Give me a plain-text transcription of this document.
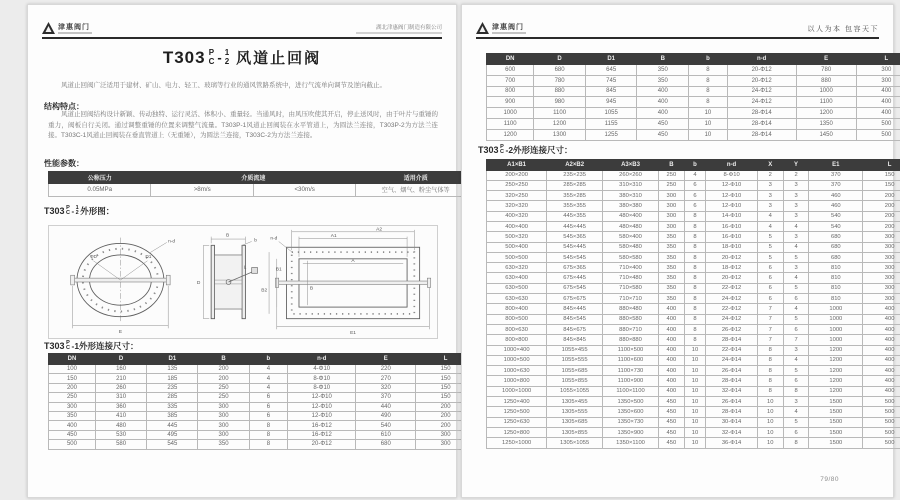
津惠阀门	湖北津惠阀门制造有限公司
T303 P
C - 1
2 风道止回阀
风道止回阀广泛适用于建材、矿山、电力、轻工、玻璃等行业的通风管路系统中，进行气流单向调节及逆向截止。
结构特点：
风道止回阀结构设计新颖、传动独特、运行灵活、体积小、重量轻。当通风时，由风压吹使其开启，停止送风时，由于叶片与重锤的重力，阀板自行关闭。通过调整重锤的位置来调整气流量。T303P-1风道止回阀装在水平管道上，为圆法兰连接，T303P-2为方法兰连接。T303C-1风道止回阀装在垂直管道上（无重锤），为圆法兰连接，T303C-2为方法兰连接。
性能参数：
公称压力	介质流速		适用介质
0.05MPa	>8m/s	<30m/s	空气、烟气、粉尘气体等
T303 P
C - 1
2 外形图：
ΦD	D1
n-d
E
B
b
D
L
A2
A1
A
B2
B1
B
n-d
E1
T303 P
C -1外形连接尺寸：
DN	D	D1	B	b	n-d	E	L
100	160	135	200	4	4-Φ10	220	150
150	210	185	200	4	8-Φ10	270	150
200	260	235	250	4	8-Φ10	320	150
250	310	285	250	6	12-Φ10	370	150
300	360	335	300	6	12-Φ10	440	200
350	410	385	300	6	12-Φ10	490	200
400	480	445	300	8	16-Φ12	540	200
450	530	495	300	8	16-Φ12	610	300
500	580	545	350	8	20-Φ12	680	300
津惠阀门	以人为本 包容天下
DN	D	D1	B	b	n-d	E	L
600	680	645	350	8	20-Φ12	780	300
700	780	745	350	8	20-Φ12	880	300
800	880	845	400	8	24-Φ12	1000	400
900	980	945	400	8	24-Φ12	1100	400
1000	1100	1055	400	10	28-Φ14	1200	400
1100	1200	1155	450	10	28-Φ14	1350	500
1200	1300	1255	450	10	28-Φ14	1450	500
T303 P
C -2外形连接尺寸：
A1×B1	A2×B2	A3×B3	B	b	n-d	X	Y	E1	L
200×200	235×235	260×260	250	4	8-Φ10	2	2	370	150
250×250	285×285	310×310	250	6	12-Φ10	3	3	370	150
320×250	355×285	380×310	300	6	12-Φ10	3	3	460	200
320×320	355×355	380×380	300	6	12-Φ10	3	3	460	200
400×320	445×355	480×400	300	8	14-Φ10	4	3	540	200
400×400	445×445	480×480	300	8	16-Φ10	4	4	540	200
500×320	545×365	580×400	350	8	16-Φ10	5	3	680	300
500×400	545×445	580×480	350	8	18-Φ10	5	4	680	300
500×500	545×545	580×580	350	8	20-Φ12	5	5	680	300
630×320	675×365	710×400	350	8	18-Φ12	6	3	810	300
630×400	675×445	710×480	350	8	20-Φ12	6	4	810	300
630×500	675×545	710×580	350	8	22-Φ12	6	5	810	300
630×630	675×675	710×710	350	8	24-Φ12	6	6	810	300
800×400	845×445	880×480	400	8	22-Φ12	7	4	1000	400
800×500	845×545	880×580	400	8	24-Φ12	7	5	1000	400
800×630	845×675	880×710	400	8	26-Φ12	7	6	1000	400
800×800	845×845	880×880	400	8	28-Φ14	7	7	1000	400
1000×400	1055×455	1100×500	400	10	22-Φ14	8	3	1200	400
1000×500	1055×555	1100×600	400	10	24-Φ14	8	4	1200	400
1000×630	1055×685	1100×730	400	10	26-Φ14	8	5	1200	400
1000×800	1055×855	1100×900	400	10	28-Φ14	8	6	1200	400
1000×1000	1055×1055	1100×1100	400	10	32-Φ14	8	8	1200	400
1250×400	1305×455	1350×500	450	10	26-Φ14	10	3	1500	500
1250×500	1305×555	1350×600	450	10	28-Φ14	10	4	1500	500
1250×630	1305×685	1350×730	450	10	30-Φ14	10	5	1500	500
1250×800	1305×855	1350×900	450	10	32-Φ14	10	6	1500	500
1250×1000	1305×1055	1350×1100	450	10	36-Φ14	10	8	1500	500
79/80
